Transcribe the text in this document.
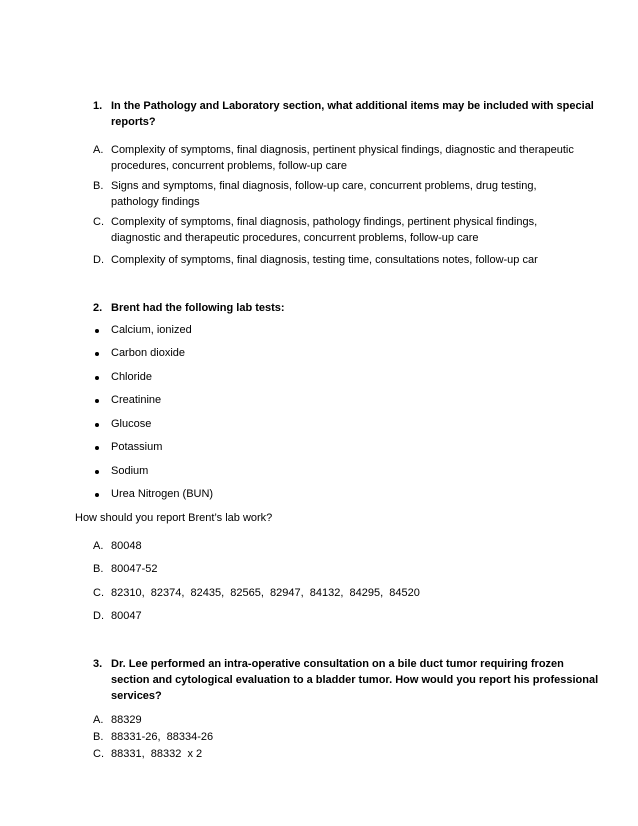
1. In the Pathology and Laboratory section, what additional items may be included with special
reports?
A. Complexity of symptoms, final diagnosis, pertinent physical findings, diagnostic and therapeutic
procedures, concurrent problems, follow-up care
B. Signs and symptoms, final diagnosis, follow-up care, concurrent problems, drug testing,
pathology findings
C. Complexity of symptoms, final diagnosis, pathology findings, pertinent physical findings,
diagnostic and therapeutic procedures, concurrent problems, follow-up care
D. Complexity of symptoms, final diagnosis, testing time, consultations notes, follow-up car
2. Brent had the following lab tests:
Calcium, ionized
Carbon dioxide
Chloride
Creatinine
Glucose
Potassium
Sodium
Urea Nitrogen (BUN)
How should you report Brent’s lab work?
A. 80048
B. 80047-52
C. 82310,  82374,  82435,  82565,  82947,  84132,  84295,  84520
D. 80047
3. Dr. Lee performed an intra-operative consultation on a bile duct tumor requiring frozen
section and cytological evaluation to a bladder tumor. How would you report his professional
services?
A. 88329
B. 88331-26,  88334-26
C. 88331,  88332  x 2
